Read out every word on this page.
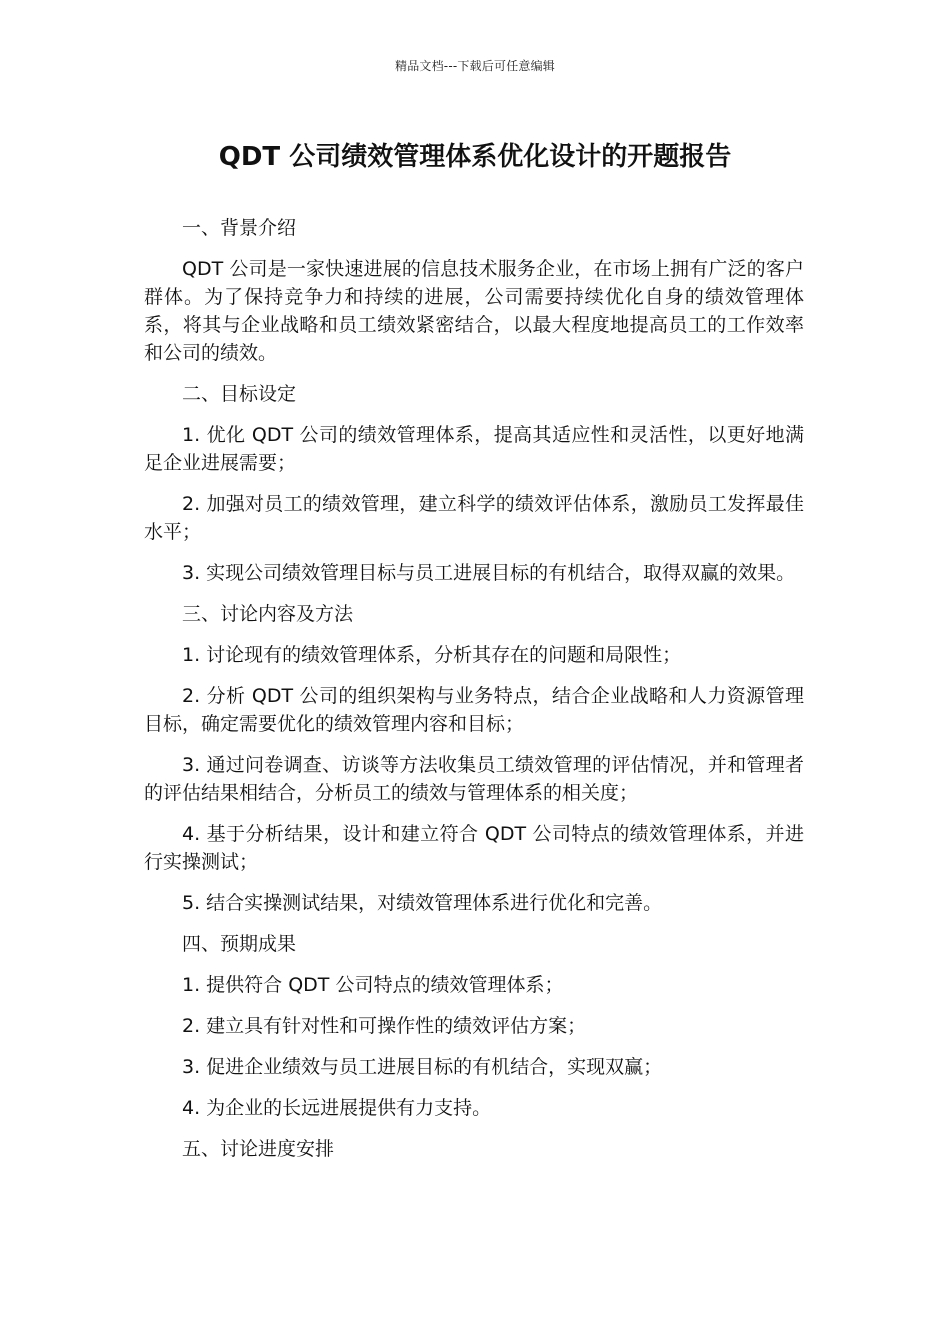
精品文档---下载后可任意编辑
QDT 公司绩效管理体系优化设计的开题报告

一、背景介绍

QDT 公司是一家快速进展的信息技术服务企业，在市场上拥有广泛的客户群体。为了保持竞争力和持续的进展，公司需要持续优化自身的绩效管理体系，将其与企业战略和员工绩效紧密结合，以最大程度地提高员工的工作效率和公司的绩效。

二、目标设定

1. 优化 QDT 公司的绩效管理体系，提高其适应性和灵活性，以更好地满足企业进展需要；

2. 加强对员工的绩效管理，建立科学的绩效评估体系，激励员工发挥最佳水平；

3. 实现公司绩效管理目标与员工进展目标的有机结合，取得双赢的效果。

三、讨论内容及方法

1. 讨论现有的绩效管理体系，分析其存在的问题和局限性；

2. 分析 QDT 公司的组织架构与业务特点，结合企业战略和人力资源管理目标，确定需要优化的绩效管理内容和目标；

3. 通过问卷调查、访谈等方法收集员工绩效管理的评估情况，并和管理者的评估结果相结合，分析员工的绩效与管理体系的相关度；

4. 基于分析结果，设计和建立符合 QDT 公司特点的绩效管理体系，并进行实操测试；

5. 结合实操测试结果，对绩效管理体系进行优化和完善。

四、预期成果

1. 提供符合 QDT 公司特点的绩效管理体系；

2. 建立具有针对性和可操作性的绩效评估方案；

3. 促进企业绩效与员工进展目标的有机结合，实现双赢；

4. 为企业的长远进展提供有力支持。

五、讨论进度安排
